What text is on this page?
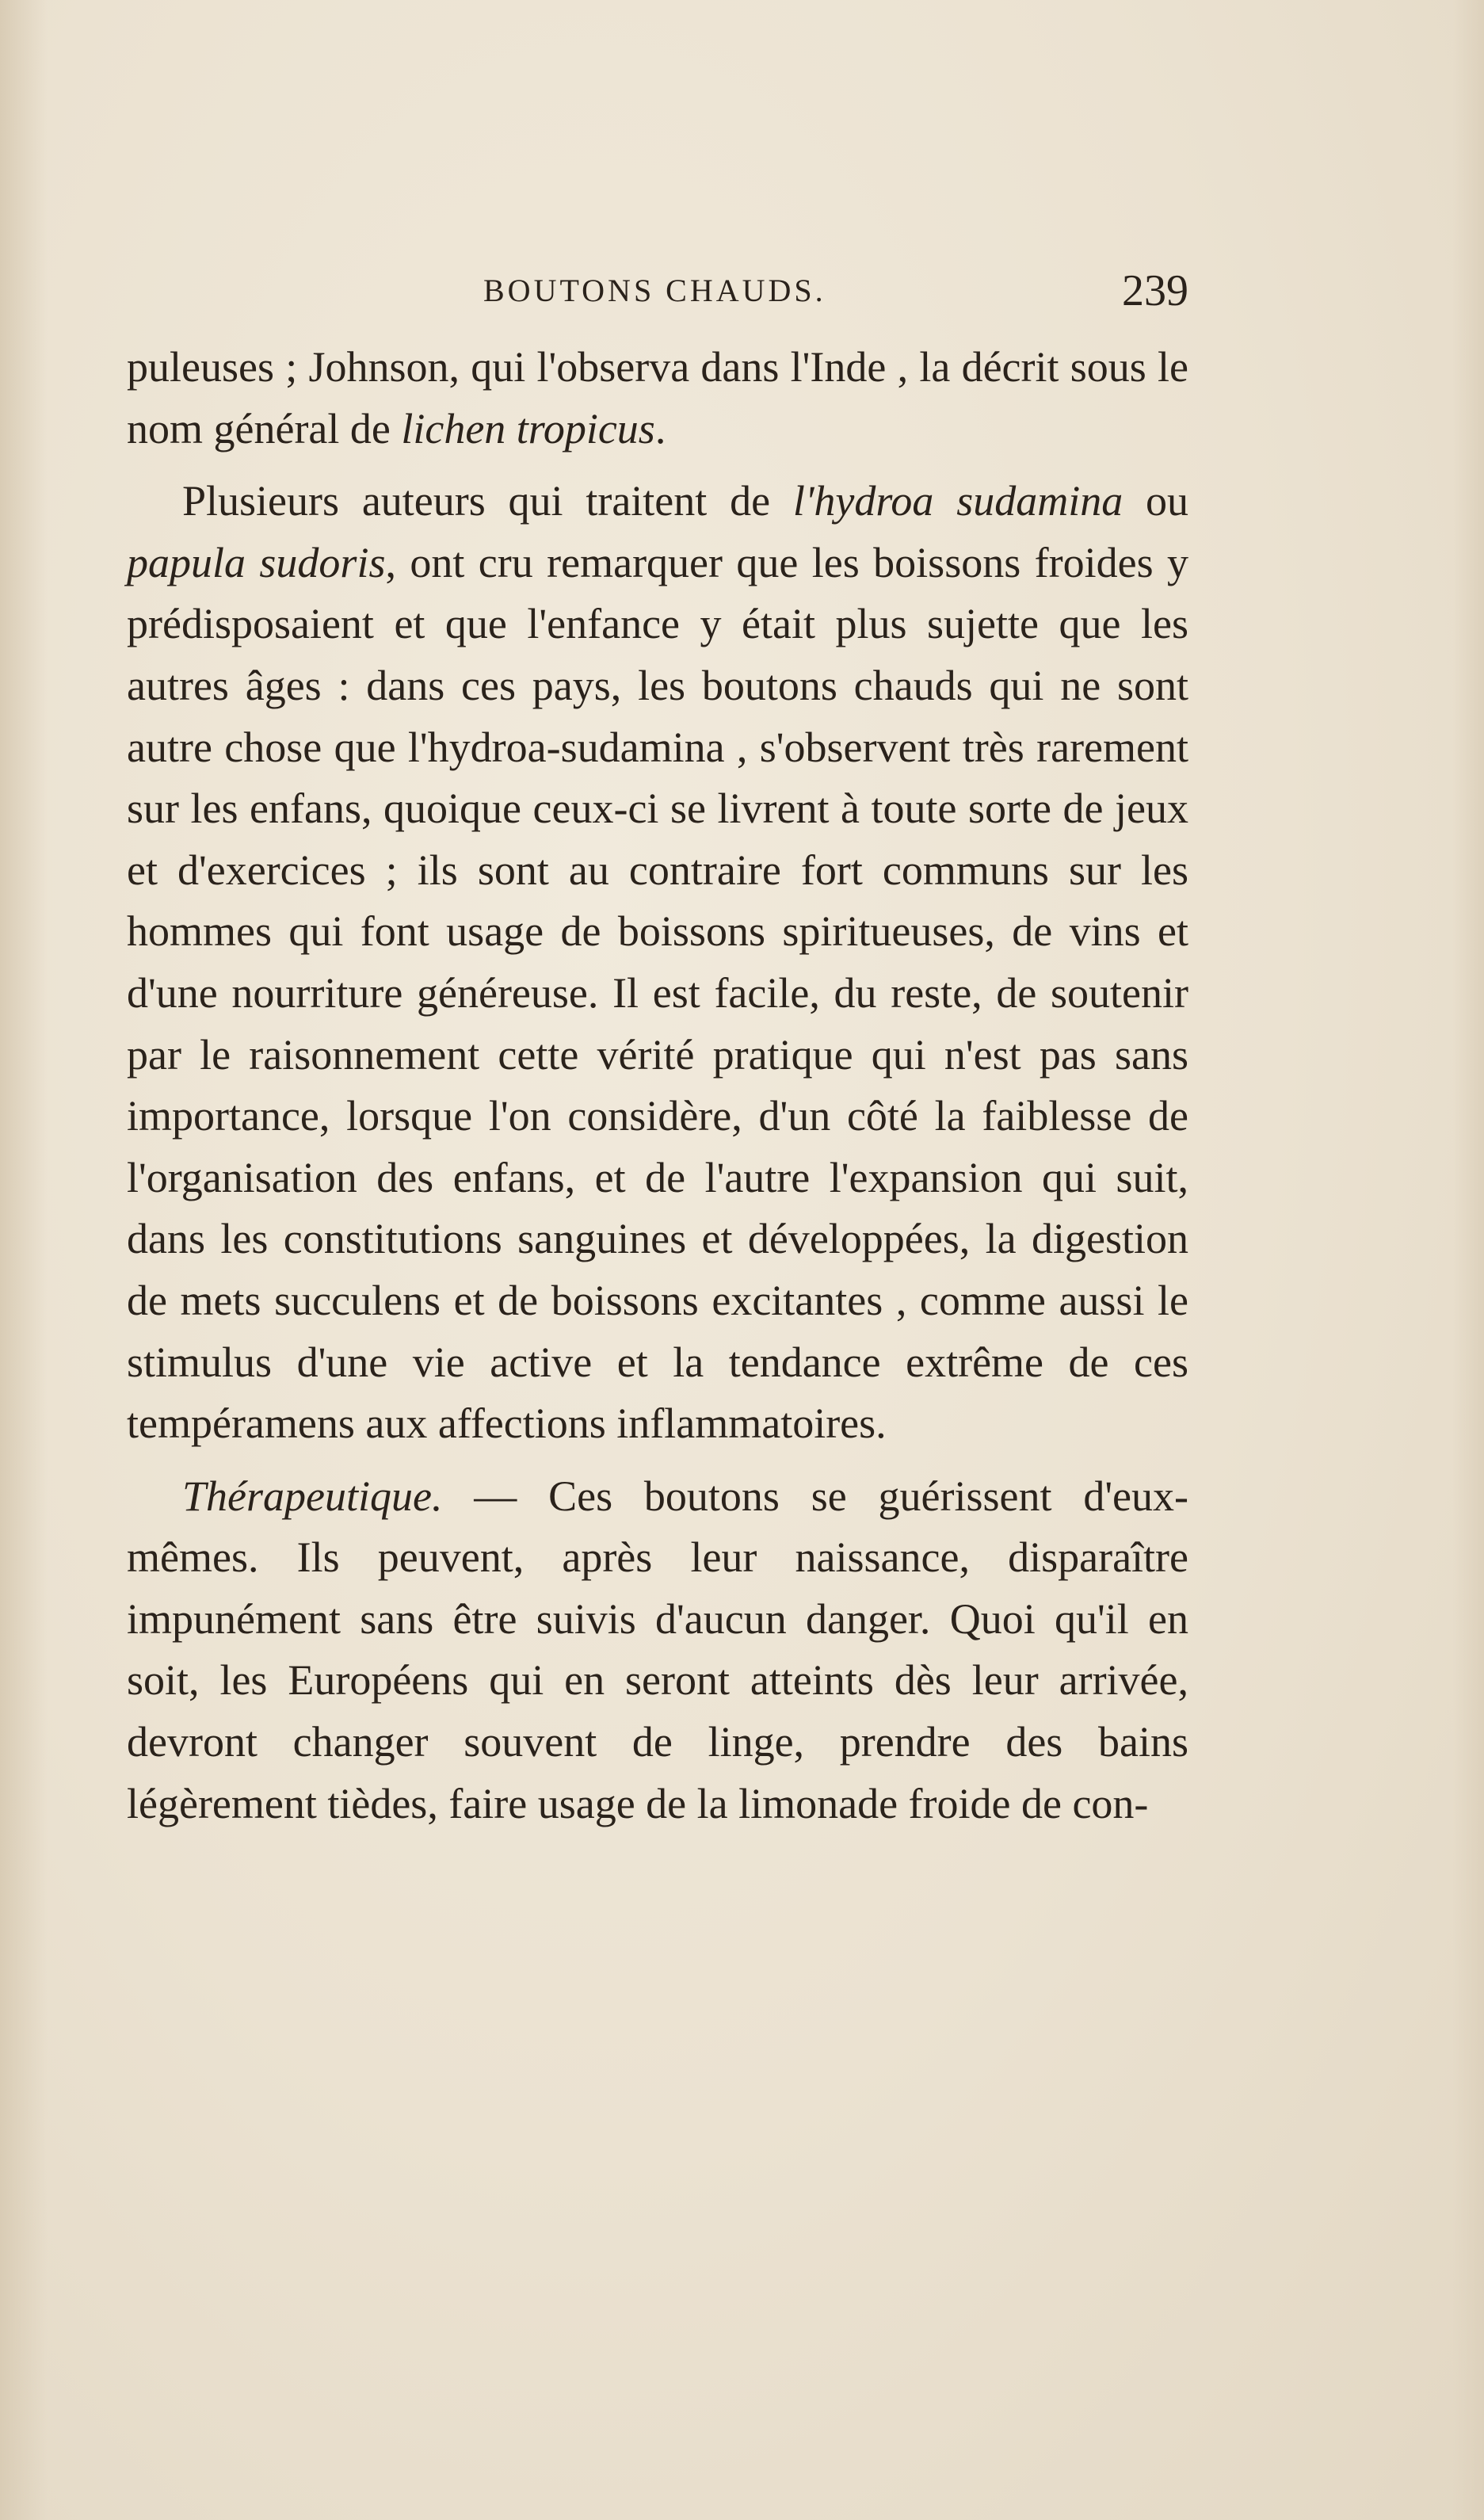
BOUTONS CHAUDS.	239

puleuses ; Johnson, qui l'observa dans l'Inde , la décrit sous le nom général de lichen tropicus.

Plusieurs auteurs qui traitent de l'hydroa sudamina ou papula sudoris, ont cru remarquer que les boissons froides y prédisposaient et que l'enfance y était plus sujette que les autres âges : dans ces pays, les boutons chauds qui ne sont autre chose que l'hydroa-sudamina , s'observent très rarement sur les enfans, quoique ceux-ci se livrent à toute sorte de jeux et d'exercices ; ils sont au contraire fort communs sur les hommes qui font usage de boissons spiritueuses, de vins et d'une nourriture généreuse. Il est facile, du reste, de soutenir par le raisonnement cette vérité pratique qui n'est pas sans importance, lorsque l'on considère, d'un côté la faiblesse de l'organisation des enfans, et de l'autre l'expansion qui suit, dans les constitutions sanguines et développées, la digestion de mets succulens et de boissons excitantes , comme aussi le stimulus d'une vie active et la tendance extrême de ces tempéramens aux affections inflammatoires.

Thérapeutique. — Ces boutons se guérissent d'eux-mêmes. Ils peuvent, après leur naissance, disparaître impunément sans être suivis d'aucun danger. Quoi qu'il en soit, les Européens qui en seront atteints dès leur arrivée, devront changer souvent de linge, prendre des bains légèrement tièdes, faire usage de la limonade froide de con-
